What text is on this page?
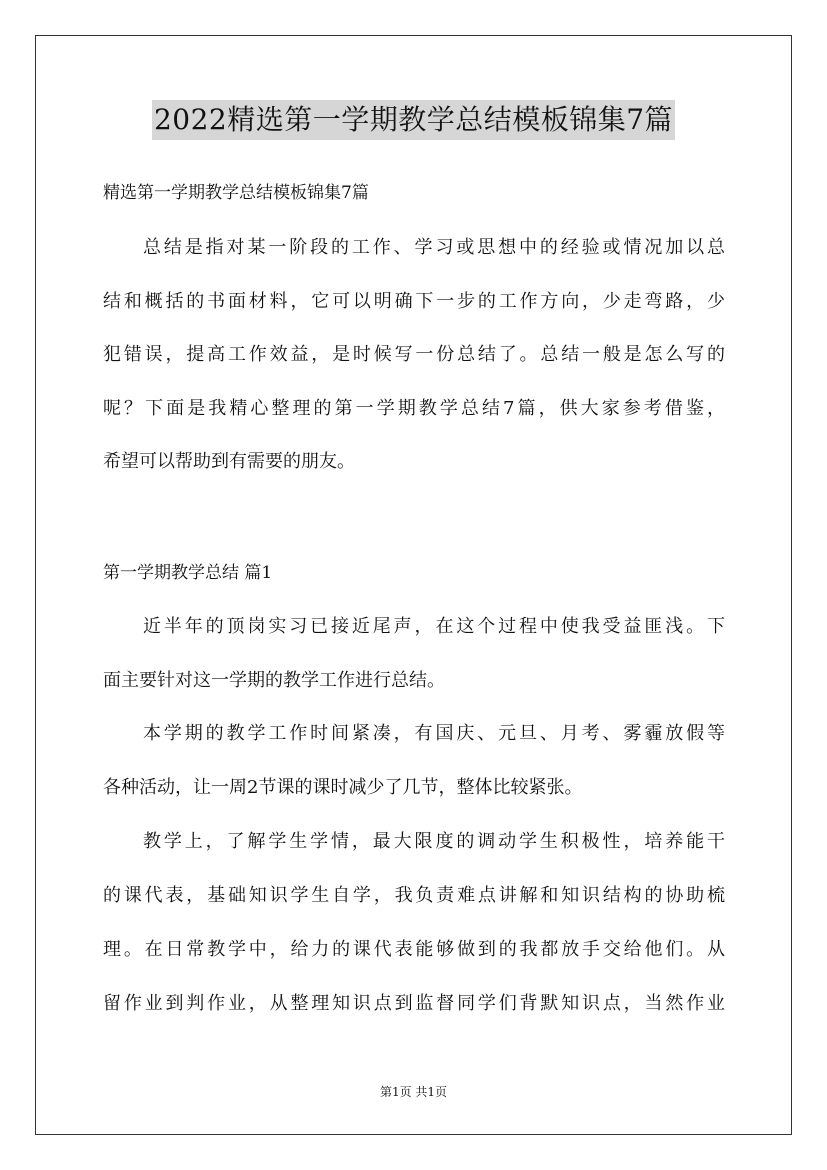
2022精选第一学期教学总结模板锦集7篇
精选第一学期教学总结模板锦集7篇
总结是指对某一阶段的工作、学习或思想中的经验或情况加以总
结和概括的书面材料，它可以明确下一步的工作方向，少走弯路，少
犯错误，提高工作效益，是时候写一份总结了。总结一般是怎么写的
呢？下面是我精心整理的第一学期教学总结7篇，供大家参考借鉴，
希望可以帮助到有需要的朋友。
第一学期教学总结 篇1
近半年的顶岗实习已接近尾声，在这个过程中使我受益匪浅。下
面主要针对这一学期的教学工作进行总结。
本学期的教学工作时间紧凑，有国庆、元旦、月考、雾霾放假等
各种活动，让一周2节课的课时减少了几节，整体比较紧张。
教学上，了解学生学情，最大限度的调动学生积极性，培养能干
的课代表，基础知识学生自学，我负责难点讲解和知识结构的协助梳
理。在日常教学中，给力的课代表能够做到的我都放手交给他们。从
留作业到判作业，从整理知识点到监督同学们背默知识点，当然作业
第1页 共1页
